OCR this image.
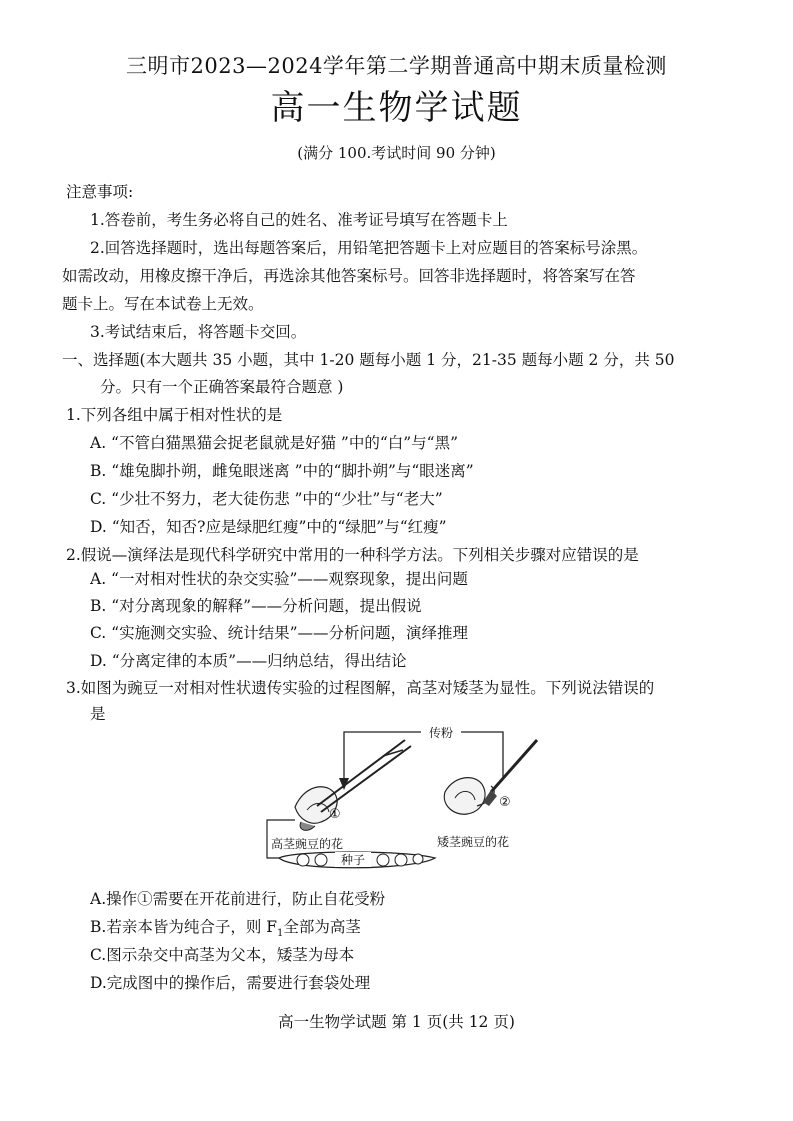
三明市2023—2024学年第二学期普通高中期末质量检测
高一生物学试题
(满分 100.考试时间 90 分钟)
注意事项:
1.答卷前，考生务必将自己的姓名、准考证号填写在答题卡上
2.回答选择题时，选出每题答案后，用铅笔把答题卡上对应题目的答案标号涂黑。
如需改动，用橡皮擦干净后，再选涂其他答案标号。回答非选择题时，将答案写在答
题卡上。写在本试卷上无效。
3.考试结束后，将答题卡交回。
一、选择题(本大题共 35 小题，其中 1-20 题每小题 1 分，21-35 题每小题 2 分，共 50
分。只有一个正确答案最符合题意 )
1.下列各组中属于相对性状的是
A. “不管白猫黑猫会捉老鼠就是好猫 ”中的“白”与“黑”
B. “雄兔脚扑朔，雌兔眼迷离 ”中的“脚扑朔”与“眼迷离”
C. “少壮不努力，老大徒伤悲 ”中的“少壮”与“老大”
D. “知否，知否?应是绿肥红瘦”中的“绿肥”与“红瘦”
2.假说—演绎法是现代科学研究中常用的一种科学方法。下列相关步骤对应错误的是
A. “一对相对性状的杂交实验”——观察现象，提出问题
B. “对分离现象的解释”——分析问题，提出假说
C. “实施测交实验、统计结果”——分析问题，演绎推理
D. “分离定律的本质”——归纳总结，得出结论
3.如图为豌豆一对相对性状遗传实验的过程图解，高茎对矮茎为显性。下列说法错误的
是
传粉
①
高茎豌豆的花
种子
②
矮茎豌豆的花
A.操作①需要在开花前进行，防止自花受粉
B.若亲本皆为纯合子，则 $F_1$全部为高茎
C.图示杂交中高茎为父本，矮茎为母本
D.完成图中的操作后，需要进行套袋处理
高一生物学试题 第 1 页(共 12 页)
